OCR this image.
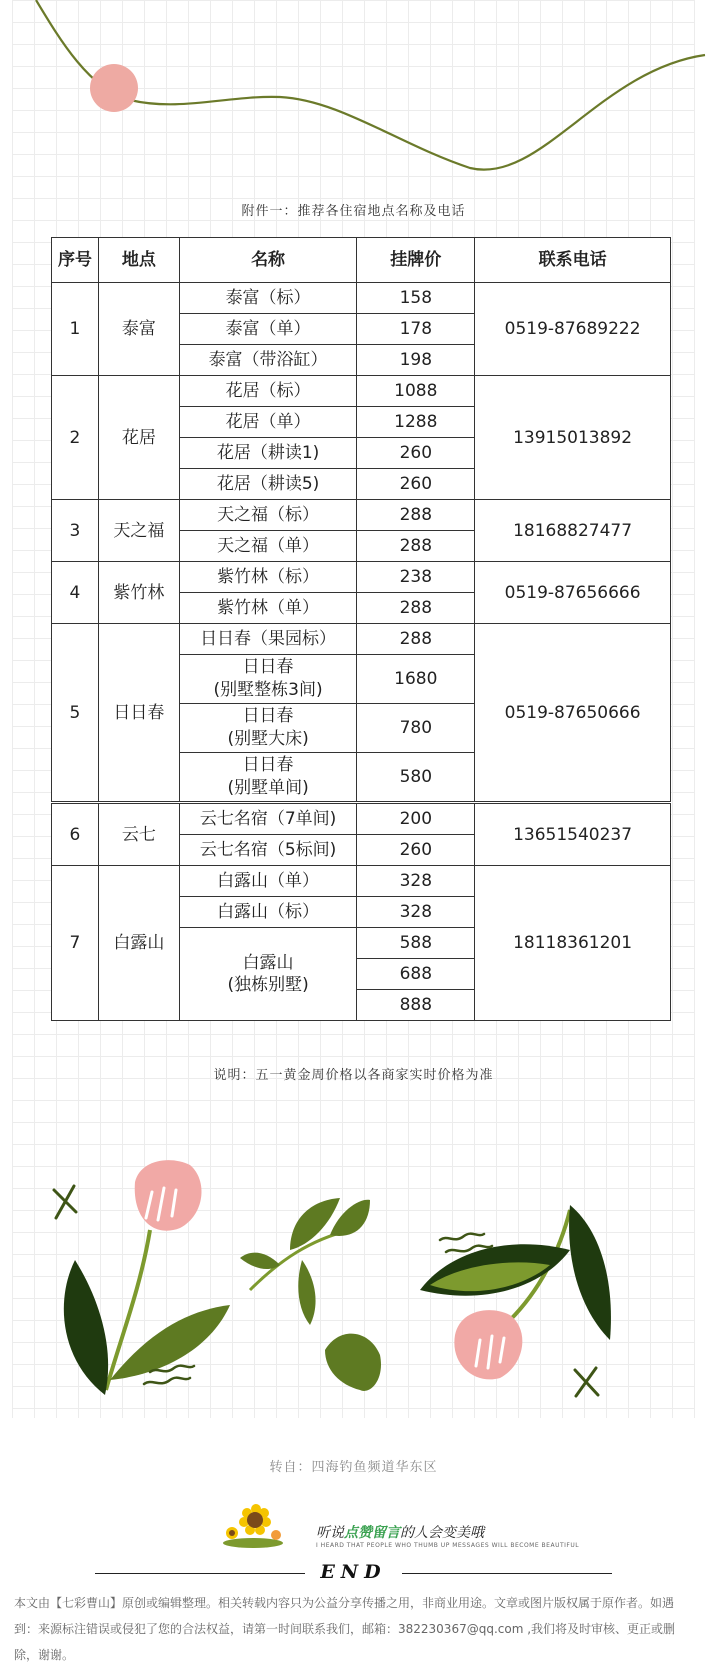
附件一：推荐各住宿地点名称及电话
序号	地点	名称	挂牌价	联系电话
1	泰富	泰富（标）	158	0519-87689222

		泰富（单）	178	

		泰富（带浴缸）	198	
2	花居	花居（标）	1088	13915013892

		花居（单）	1288	

		花居（耕读1)	260	

		花居（耕读5)	260	
3	天之福	天之福（标）	288	18168827477

		天之福（单）	288	
4	紫竹林	紫竹林（标）	238	0519-87656666

		紫竹林（单）	288	
5	日日春	日日春（果园标）	288	0519-87650666

		日日春
(别墅整栋3间)	1680	

		日日春
(别墅大床)	780	

		日日春
(别墅单间)	580	
6	云七	云七名宿（7单间)	200	13651540237

		云七名宿（5标间)	260	
7	白露山	白露山（单）	328	18118361201

		白露山（标）	328	

		白露山
(独栋别墅)	588	
			688	
			888	
说明：五一黄金周价格以各商家实时价格为准
转自：四海钓鱼频道华东区
听说点赞留言的人会变美哦
I HEARD THAT PEOPLE WHO THUMB UP MESSAGES WILL BECOME BEAUTIFUL
END
本文由【七彩曹山】原创或编辑整理。相关转载内容只为公益分享传播之用，非商业用途。文章或图片版权属于原作者。如遇到：来源标注错误或侵犯了您的合法权益，请第一时间联系我们，邮箱：382230367@qq.com ,我们将及时审核、更正或删除，谢谢。
